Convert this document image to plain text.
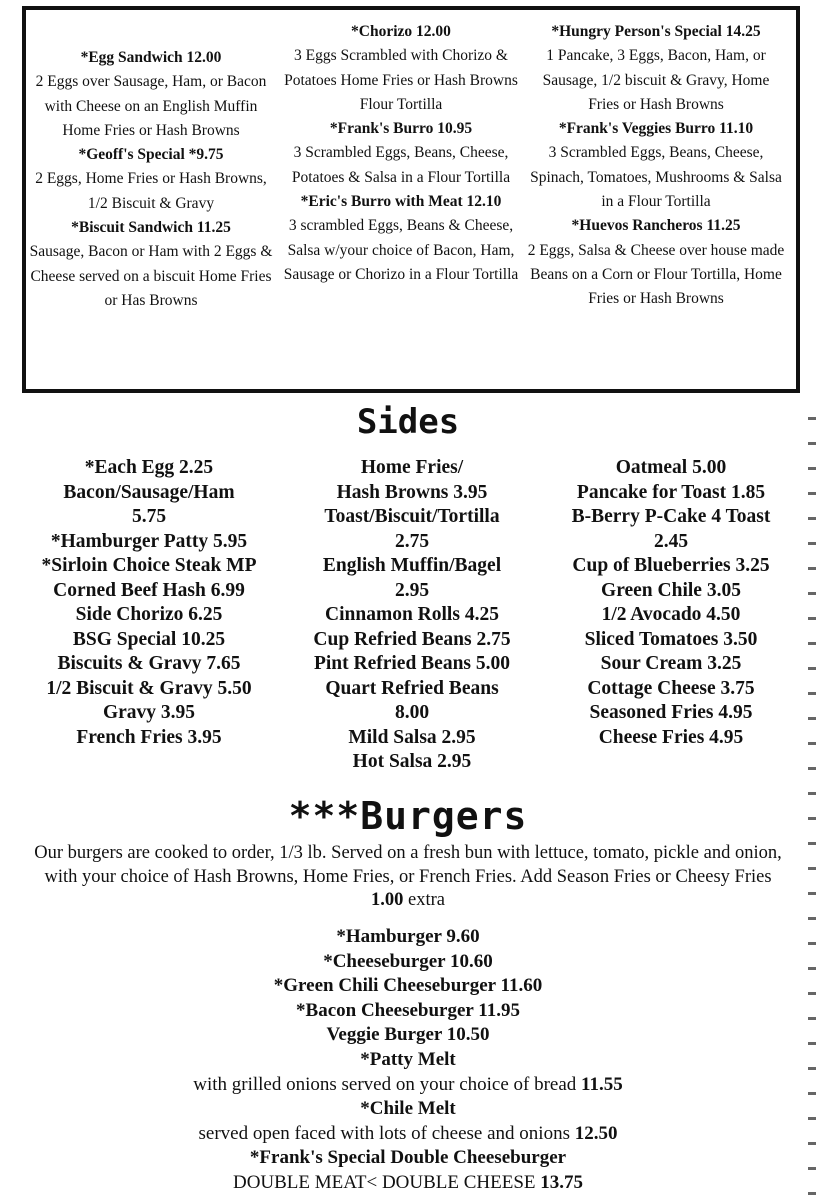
*Egg Sandwich 12.00
2 Eggs over Sausage, Ham, or Bacon with Cheese on an English Muffin Home Fries or Hash Browns
*Geoff's Special *9.75
2 Eggs, Home Fries or Hash Browns, 1/2 Biscuit & Gravy
*Biscuit Sandwich 11.25
Sausage, Bacon or Ham with 2 Eggs & Cheese served on a biscuit Home Fries or Has Browns
*Chorizo 12.00
3 Eggs Scrambled with Chorizo & Potatoes Home Fries or Hash Browns Flour Tortilla
*Frank's Burro 10.95
3 Scrambled Eggs, Beans, Cheese, Potatoes & Salsa in a Flour Tortilla
*Eric's Burro with Meat 12.10
3 scrambled Eggs, Beans & Cheese, Salsa w/your choice of Bacon, Ham, Sausage or Chorizo in a Flour Tortilla
*Hungry Person's Special 14.25
1 Pancake, 3 Eggs, Bacon, Ham, or Sausage, 1/2 biscuit & Gravy, Home Fries or Hash Browns
*Frank's Veggies Burro 11.10
3 Scrambled Eggs, Beans, Cheese, Spinach, Tomatoes, Mushrooms & Salsa in a Flour Tortilla
*Huevos Rancheros 11.25
2 Eggs, Salsa & Cheese over house made Beans on a Corn or Flour Tortilla, Home Fries or Hash Browns
Sides
*Each Egg 2.25
Bacon/Sausage/Ham
5.75
*Hamburger Patty 5.95
*Sirloin Choice Steak MP
Corned Beef Hash 6.99
Side Chorizo 6.25
BSG Special 10.25
Biscuits & Gravy 7.65
1/2 Biscuit & Gravy 5.50
Gravy 3.95
French Fries 3.95
Home Fries/
Hash Browns 3.95
Toast/Biscuit/Tortilla
2.75
English Muffin/Bagel
2.95
Cinnamon Rolls 4.25
Cup Refried Beans 2.75
Pint Refried Beans 5.00
Quart Refried Beans
8.00
Mild Salsa 2.95
Hot Salsa 2.95
Oatmeal 5.00
Pancake for Toast 1.85
B-Berry P-Cake 4 Toast
2.45
Cup of Blueberries 3.25
Green Chile 3.05
1/2 Avocado 4.50
Sliced Tomatoes 3.50
Sour Cream 3.25
Cottage Cheese 3.75
Seasoned Fries 4.95
Cheese Fries 4.95
***Burgers
Our burgers are cooked to order, 1/3 lb. Served on a fresh bun with lettuce, tomato, pickle and onion, with your choice of Hash Browns, Home Fries, or French Fries. Add Season Fries or Cheesy Fries 1.00 extra
*Hamburger 9.60
*Cheeseburger 10.60
*Green Chili Cheeseburger 11.60
*Bacon Cheeseburger 11.95
Veggie Burger 10.50
*Patty Melt
with grilled onions served on your choice of bread 11.55
*Chile Melt
served open faced with lots of cheese and onions 12.50
*Frank's Special Double Cheeseburger
DOUBLE MEAT< DOUBLE CHEESE 13.75
